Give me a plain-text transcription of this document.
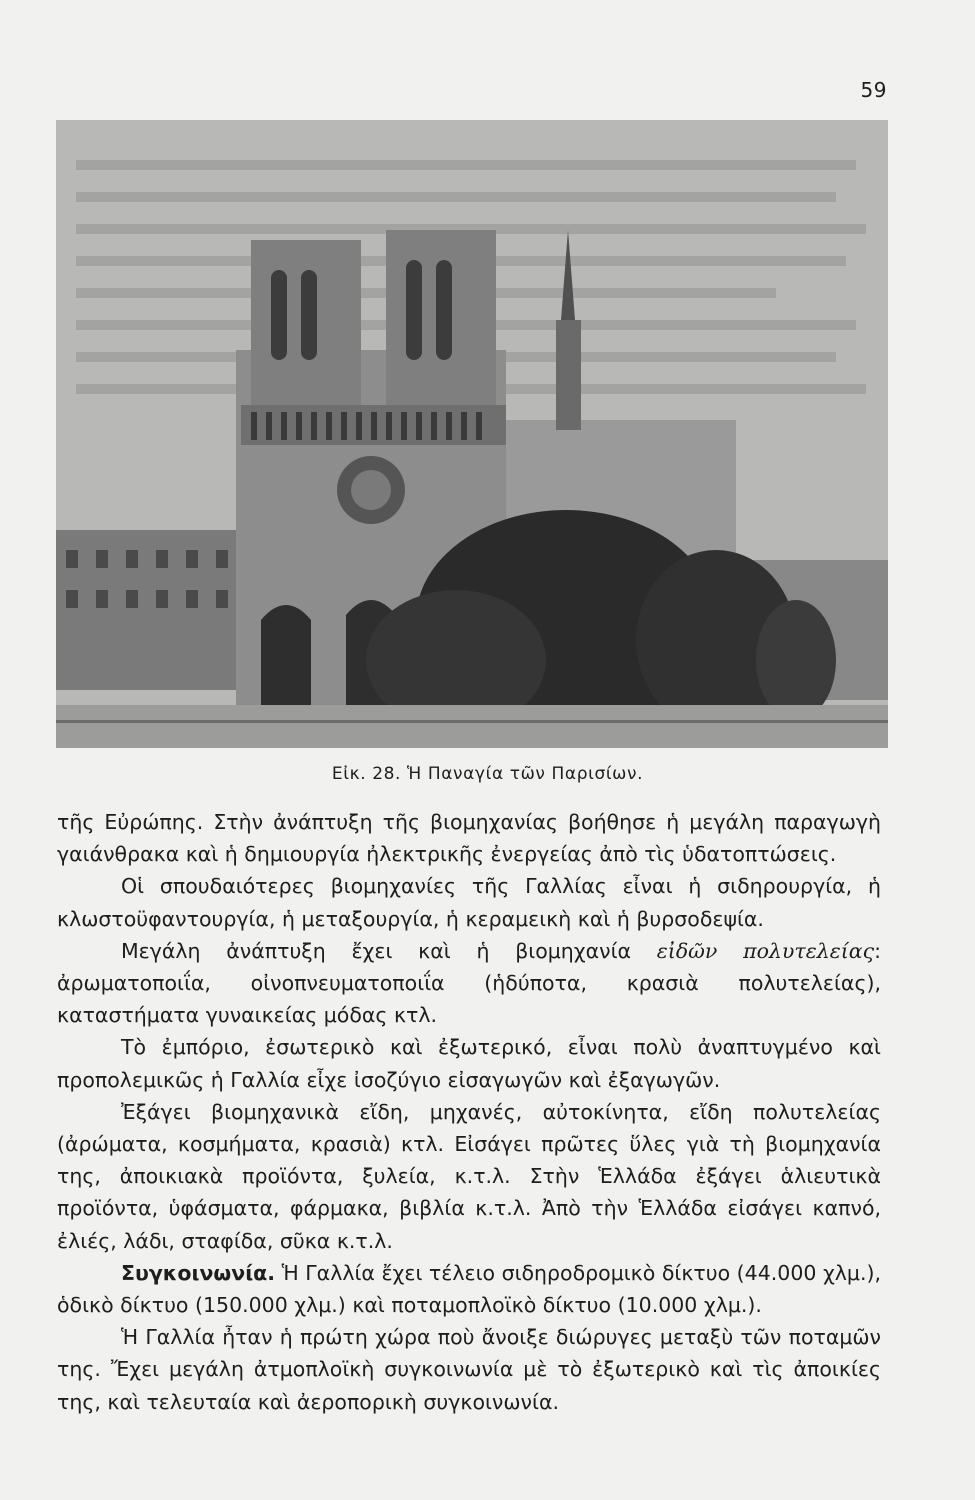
59
Εἰκ. 28. Ἡ Παναγία τῶν Παρισίων.

τῆς Εὐρώπης. Στὴν ἀνάπτυξη τῆς βιομηχανίας βοήθησε ἡ μεγάλη παραγωγὴ γαιάνθρακα καὶ ἡ δημιουργία ἠλεκτρικῆς ἐνεργείας ἀπὸ τὶς ὑδατοπτώσεις.

Οἱ σπουδαιότερες βιομηχανίες τῆς Γαλλίας εἶναι ἡ σιδηρουργία, ἡ κλωστοϋφαντουργία, ἡ μεταξουργία, ἡ κεραμεικὴ καὶ ἡ βυρσοδεψία.

Μεγάλη ἀνάπτυξη ἔχει καὶ ἡ βιομηχανία εἰδῶν πολυτελείας: ἀρωματοποιΐα, οἰνοπνευματοποιΐα (ἡδύποτα, κρασιὰ πολυτελείας), καταστήματα γυναικείας μόδας κτλ.

Τὸ ἐμπόριο, ἐσωτερικὸ καὶ ἐξωτερικό, εἶναι πολὺ ἀναπτυγμένο καὶ προπολεμικῶς ἡ Γαλλία εἶχε ἰσοζύγιο εἰσαγωγῶν καὶ ἐξαγωγῶν.

Ἐξάγει βιομηχανικὰ εἴδη, μηχανές, αὐτοκίνητα, εἴδη πολυτελείας (ἀρώματα, κοσμήματα, κρασιὰ) κτλ. Εἰσάγει πρῶτες ὕλες γιὰ τὴ βιομηχανία της, ἀποικιακὰ προϊόντα, ξυλεία, κ.τ.λ. Στὴν Ἑλλάδα ἐξάγει ἁλιευτικὰ προϊόντα, ὑφάσματα, φάρμακα, βιβλία κ.τ.λ. Ἀπὸ τὴν Ἑλλάδα εἰσάγει καπνό, ἐλιές, λάδι, σταφίδα, σῦκα κ.τ.λ.

Συγκοινωνία. Ἡ Γαλλία ἔχει τέλειο σιδηροδρομικὸ δίκτυο (44.000 χλμ.), ὁδικὸ δίκτυο (150.000 χλμ.) καὶ ποταμοπλοϊκὸ δίκτυο (10.000 χλμ.).

Ἡ Γαλλία ἦταν ἡ πρώτη χώρα ποὺ ἄνοιξε διώρυγες μεταξὺ τῶν ποταμῶν της. Ἔχει μεγάλη ἀτμοπλοϊκὴ συγκοινωνία μὲ τὸ ἐξωτερικὸ καὶ τὶς ἀποικίες της, καὶ τελευταία καὶ ἀεροπορικὴ συγκοινωνία.
